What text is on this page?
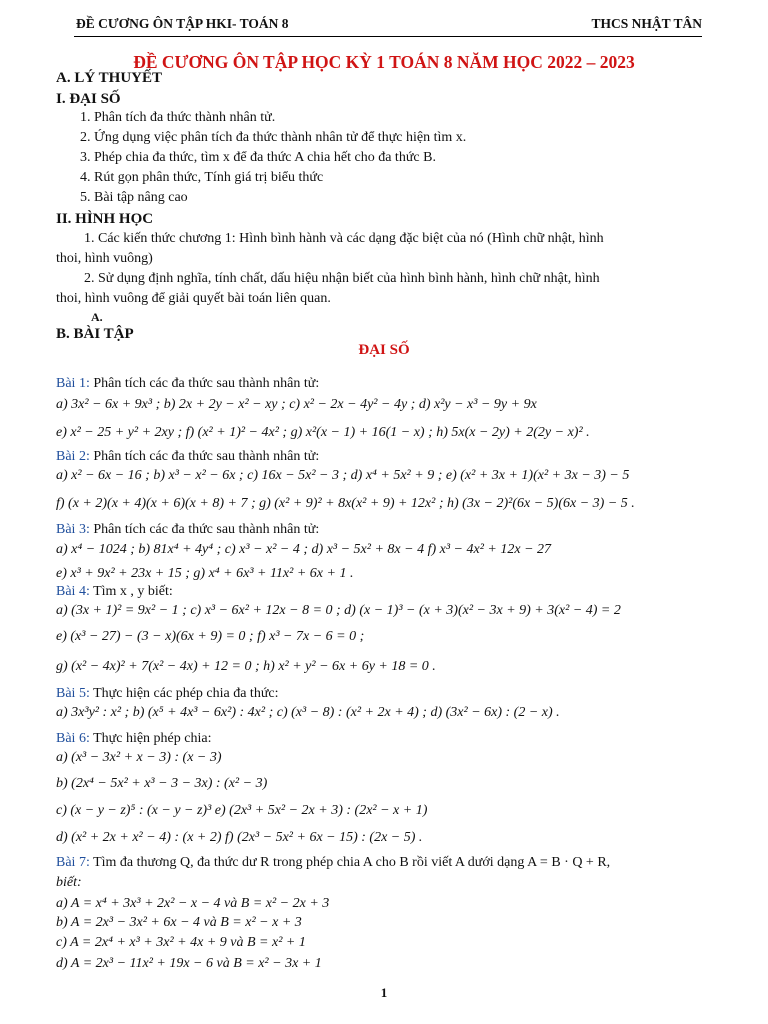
ĐỀ CƯƠNG ÔN TẬP HKI- TOÁN 8	THCS NHẬT TÂN
ĐỀ CƯƠNG ÔN TẬP HỌC KỲ 1 TOÁN 8 NĂM HỌC 2022 – 2023
A. LÝ THUYẾT
I. ĐẠI SỐ
1. Phân tích đa thức thành nhân tử.
2. Ứng dụng việc phân tích đa thức thành nhân tử để thực hiện tìm x.
3. Phép chia đa thức, tìm x để đa thức A chia hết cho đa thức B.
4. Rút gọn phân thức, Tính giá trị biểu thức
5. Bài tập nâng cao
II. HÌNH HỌC
1. Các kiến thức chương 1: Hình bình hành và các dạng đặc biệt của nó (Hình chữ nhật, hình
thoi, hình vuông)
2. Sử dụng định nghĩa, tính chất, dấu hiệu nhận biết của hình bình hành, hình chữ nhật, hình
thoi, hình vuông để giải quyết bài toán liên quan.
A.
B. BÀI TẬP
ĐẠI SỐ
Bài 1: Phân tích các đa thức sau thành nhân tử:
a) 3x² − 6x + 9x³ ; b) 2x + 2y − x² − xy ; c) x² − 2x − 4y² − 4y ; d) x²y − x³ − 9y + 9x
e) x² − 25 + y² + 2xy ; f) (x² + 1)² − 4x² ; g) x²(x − 1) + 16(1 − x) ; h) 5x(x − 2y) + 2(2y − x)² .
Bài 2: Phân tích các đa thức sau thành nhân tử:
a) x² − 6x − 16 ; b) x³ − x² − 6x ; c) 16x − 5x² − 3 ; d) x⁴ + 5x² + 9 ; e) (x² + 3x + 1)(x² + 3x − 3) − 5
f) (x + 2)(x + 4)(x + 6)(x + 8) + 7 ; g) (x² + 9)² + 8x(x² + 9) + 12x² ; h) (3x − 2)²(6x − 5)(6x − 3) − 5 .
Bài 3: Phân tích các đa thức sau thành nhân tử:
a) x⁴ − 1024 ; b) 81x⁴ + 4y⁴ ; c) x³ − x² − 4 ; d) x³ − 5x² + 8x − 4 f) x³ − 4x² + 12x − 27
e) x³ + 9x² + 23x + 15 ; g) x⁴ + 6x³ + 11x² + 6x + 1 .
Bài 4: Tìm x , y biết:
a) (3x + 1)² = 9x² − 1 ; c) x³ − 6x² + 12x − 8 = 0 ; d) (x − 1)³ − (x + 3)(x² − 3x + 9) + 3(x² − 4) = 2
e) (x³ − 27) − (3 − x)(6x + 9) = 0 ; f) x³ − 7x − 6 = 0 ;
g) (x² − 4x)² + 7(x² − 4x) + 12 = 0 ; h) x² + y² − 6x + 6y + 18 = 0 .
Bài 5: Thực hiện các phép chia đa thức:
a) 3x³y² : x² ; b) (x⁵ + 4x³ − 6x²) : 4x² ; c) (x³ − 8) : (x² + 2x + 4) ; d) (3x² − 6x) : (2 − x) .
Bài 6: Thực hiện phép chia:
a) (x³ − 3x² + x − 3) : (x − 3)
b) (2x⁴ − 5x² + x³ − 3 − 3x) : (x² − 3)
c) (x − y − z)⁵ : (x − y − z)³ e) (2x³ + 5x² − 2x + 3) : (2x² − x + 1)
d) (x² + 2x + x² − 4) : (x + 2) f) (2x³ − 5x² + 6x − 15) : (2x − 5) .
Bài 7: Tìm đa thương Q, đa thức dư R trong phép chia A cho B rồi viết A dưới dạng A = B · Q + R,
biết:
a) A = x⁴ + 3x³ + 2x² − x − 4 và B = x² − 2x + 3
b) A = 2x³ − 3x² + 6x − 4 và B = x² − x + 3
c) A = 2x⁴ + x³ + 3x² + 4x + 9 và B = x² + 1
d) A = 2x³ − 11x² + 19x − 6 và B = x² − 3x + 1
1
